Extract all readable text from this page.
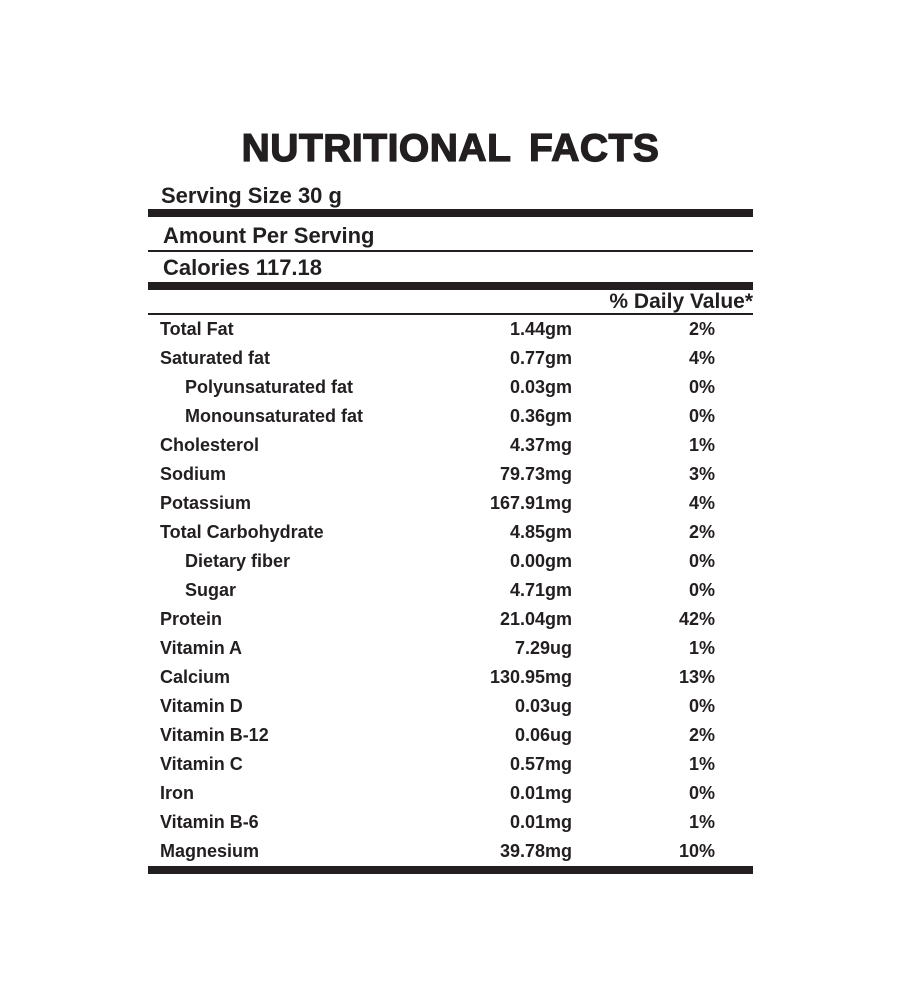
NUTRITIONAL FACTS
Serving Size 30 g
Amount Per Serving
Calories 117.18
% Daily Value*
Total Fat	1.44gm	2%
Saturated fat	0.77gm	4%
Polyunsaturated fat	0.03gm	0%
Monounsaturated fat	0.36gm	0%
Cholesterol	4.37mg	1%
Sodium	79.73mg	3%
Potassium	167.91mg	4%
Total Carbohydrate	4.85gm	2%
Dietary fiber	0.00gm	0%
Sugar	4.71gm	0%
Protein	21.04gm	42%
Vitamin A	7.29ug	1%
Calcium	130.95mg	13%
Vitamin D	0.03ug	0%
Vitamin B-12	0.06ug	2%
Vitamin C	0.57mg	1%
Iron	0.01mg	0%
Vitamin B-6	0.01mg	1%
Magnesium	39.78mg	10%
